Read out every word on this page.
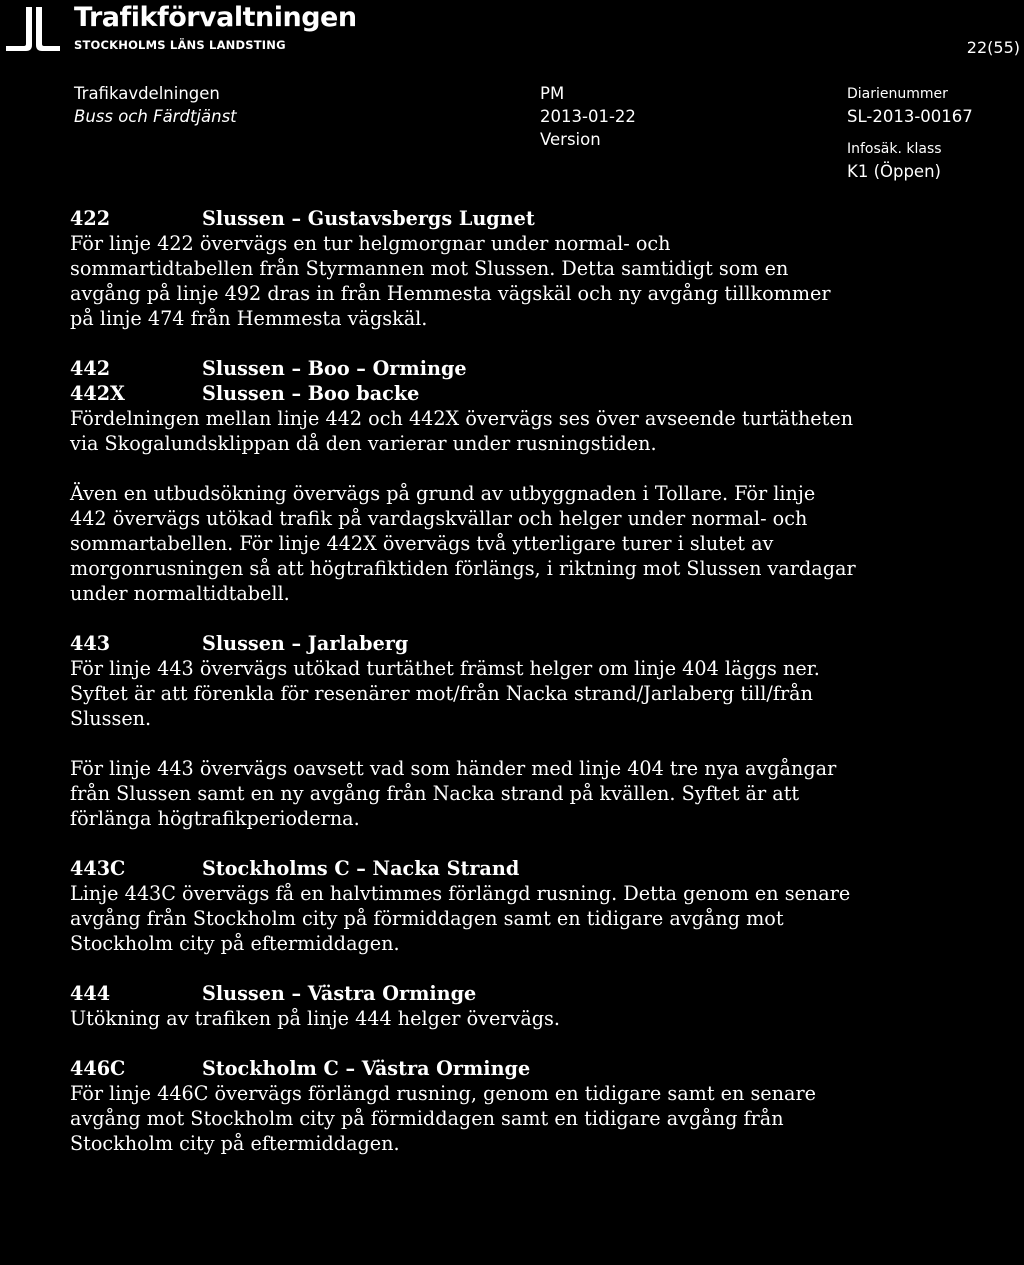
Trafikförvaltningen
STOCKHOLMS LÄNS LANDSTING	22(55)
Trafikavdelningen
Buss och Färdtjänst
PM
2013-01-22
Version
Diarienummer
SL-2013-00167
Infosäk. klass
K1 (Öppen)
422	Slussen – Gustavsbergs Lugnet

För linje 422 övervägs en tur helgmorgnar under normal- och

sommartidtabellen från Styrmannen mot Slussen. Detta samtidigt som en

avgång på linje 492 dras in från Hemmesta vägskäl och ny avgång tillkommer

på linje 474 från Hemmesta vägskäl.

442	Slussen – Boo – Orminge
442X	Slussen – Boo backe

Fördelningen mellan linje 442 och 442X övervägs ses över avseende turtätheten

via Skogalundsklippan då den varierar under rusningstiden.

Även en utbudsökning övervägs på grund av utbyggnaden i Tollare. För linje

442 övervägs utökad trafik på vardagskvällar och helger under normal- och

sommartabellen. För linje 442X övervägs två ytterligare turer i slutet av

morgonrusningen så att högtrafiktiden förlängs, i riktning mot Slussen vardagar

under normaltidtabell.

443	Slussen – Jarlaberg

För linje 443 övervägs utökad turtäthet främst helger om linje 404 läggs ner.

Syftet är att förenkla för resenärer mot/från Nacka strand/Jarlaberg till/från

Slussen.

För linje 443 övervägs oavsett vad som händer med linje 404 tre nya avgångar

från Slussen samt en ny avgång från Nacka strand på kvällen. Syftet är att

förlänga högtrafikperioderna.

443C	Stockholms C – Nacka Strand

Linje 443C övervägs få en halvtimmes förlängd rusning. Detta genom en senare

avgång från Stockholm city på förmiddagen samt en tidigare avgång mot

Stockholm city på eftermiddagen.

444	Slussen – Västra Orminge

Utökning av trafiken på linje 444 helger övervägs.

446C	Stockholm C – Västra Orminge

För linje 446C övervägs förlängd rusning, genom en tidigare samt en senare

avgång mot Stockholm city på förmiddagen samt en tidigare avgång från

Stockholm city på eftermiddagen.
